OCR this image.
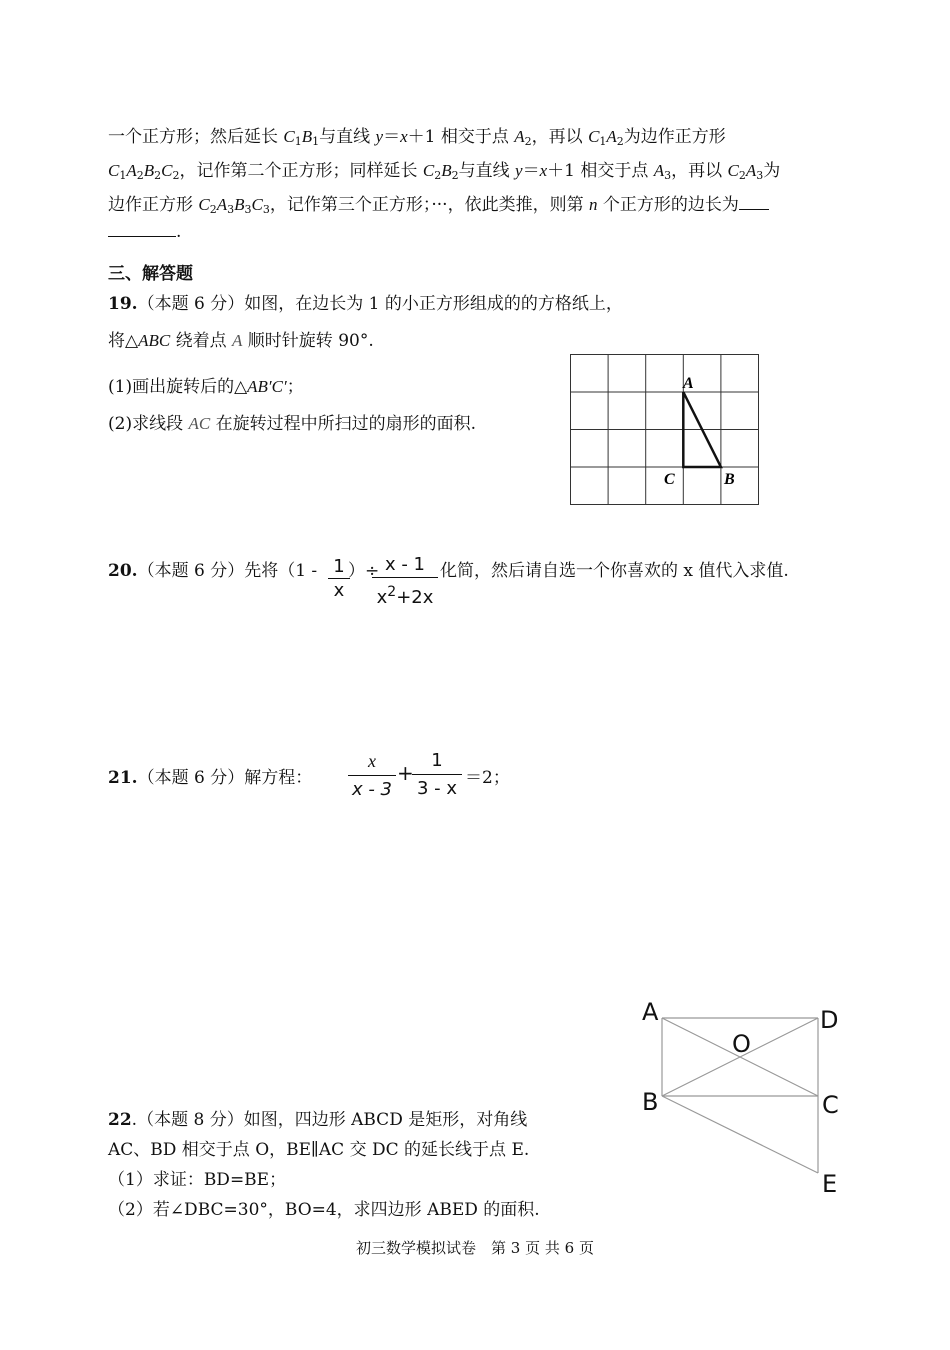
一个正方形；然后延长 $C_1B_1$与直线 y＝x＋1 相交于点 $A_2$，再以 $C_1A_2$为边作正方形
$C_1A_2B_2C_2$，记作第二个正方形；同样延长 $C_2B_2$与直线 y＝x＋1 相交于点 $A_3$，再以 $C_2A_3$为
边作正方形 $C_2A_3B_3C_3$，记作第三个正方形；···，依此类推，则第 n 个正方形的边长为
.
三、解答题
19.（本题 6 分）如图，在边长为 1 的小正方形组成的的方格纸上，
将△ABC 绕着点 A 顺时针旋转 90°.
(1)画出旋转后的△AB′C′；
(2)求线段 AC 在旋转过程中所扫过的扇形的面积.
A
B
C
20.（本题 6 分）先将（1 - 1
x
）÷ x - 1
$x^2+2x$
化简，然后请自选一个你喜欢的 x 值代入求值.
21.（本题 6 分）解方程：
x
x - 3
+
1
3 - x ＝2；
22.（本题 8 分）如图，四边形 ABCD 是矩形，对角线
AC、BD 相交于点 O，BE∥AC 交 DC 的延长线于点 E.
（1）求证：BD=BE；
（2）若∠DBC=30°，BO=4，求四边形 ABED 的面积.
A	D
O
B	C
E
初三数学模拟试卷　第 3 页 共 6 页
